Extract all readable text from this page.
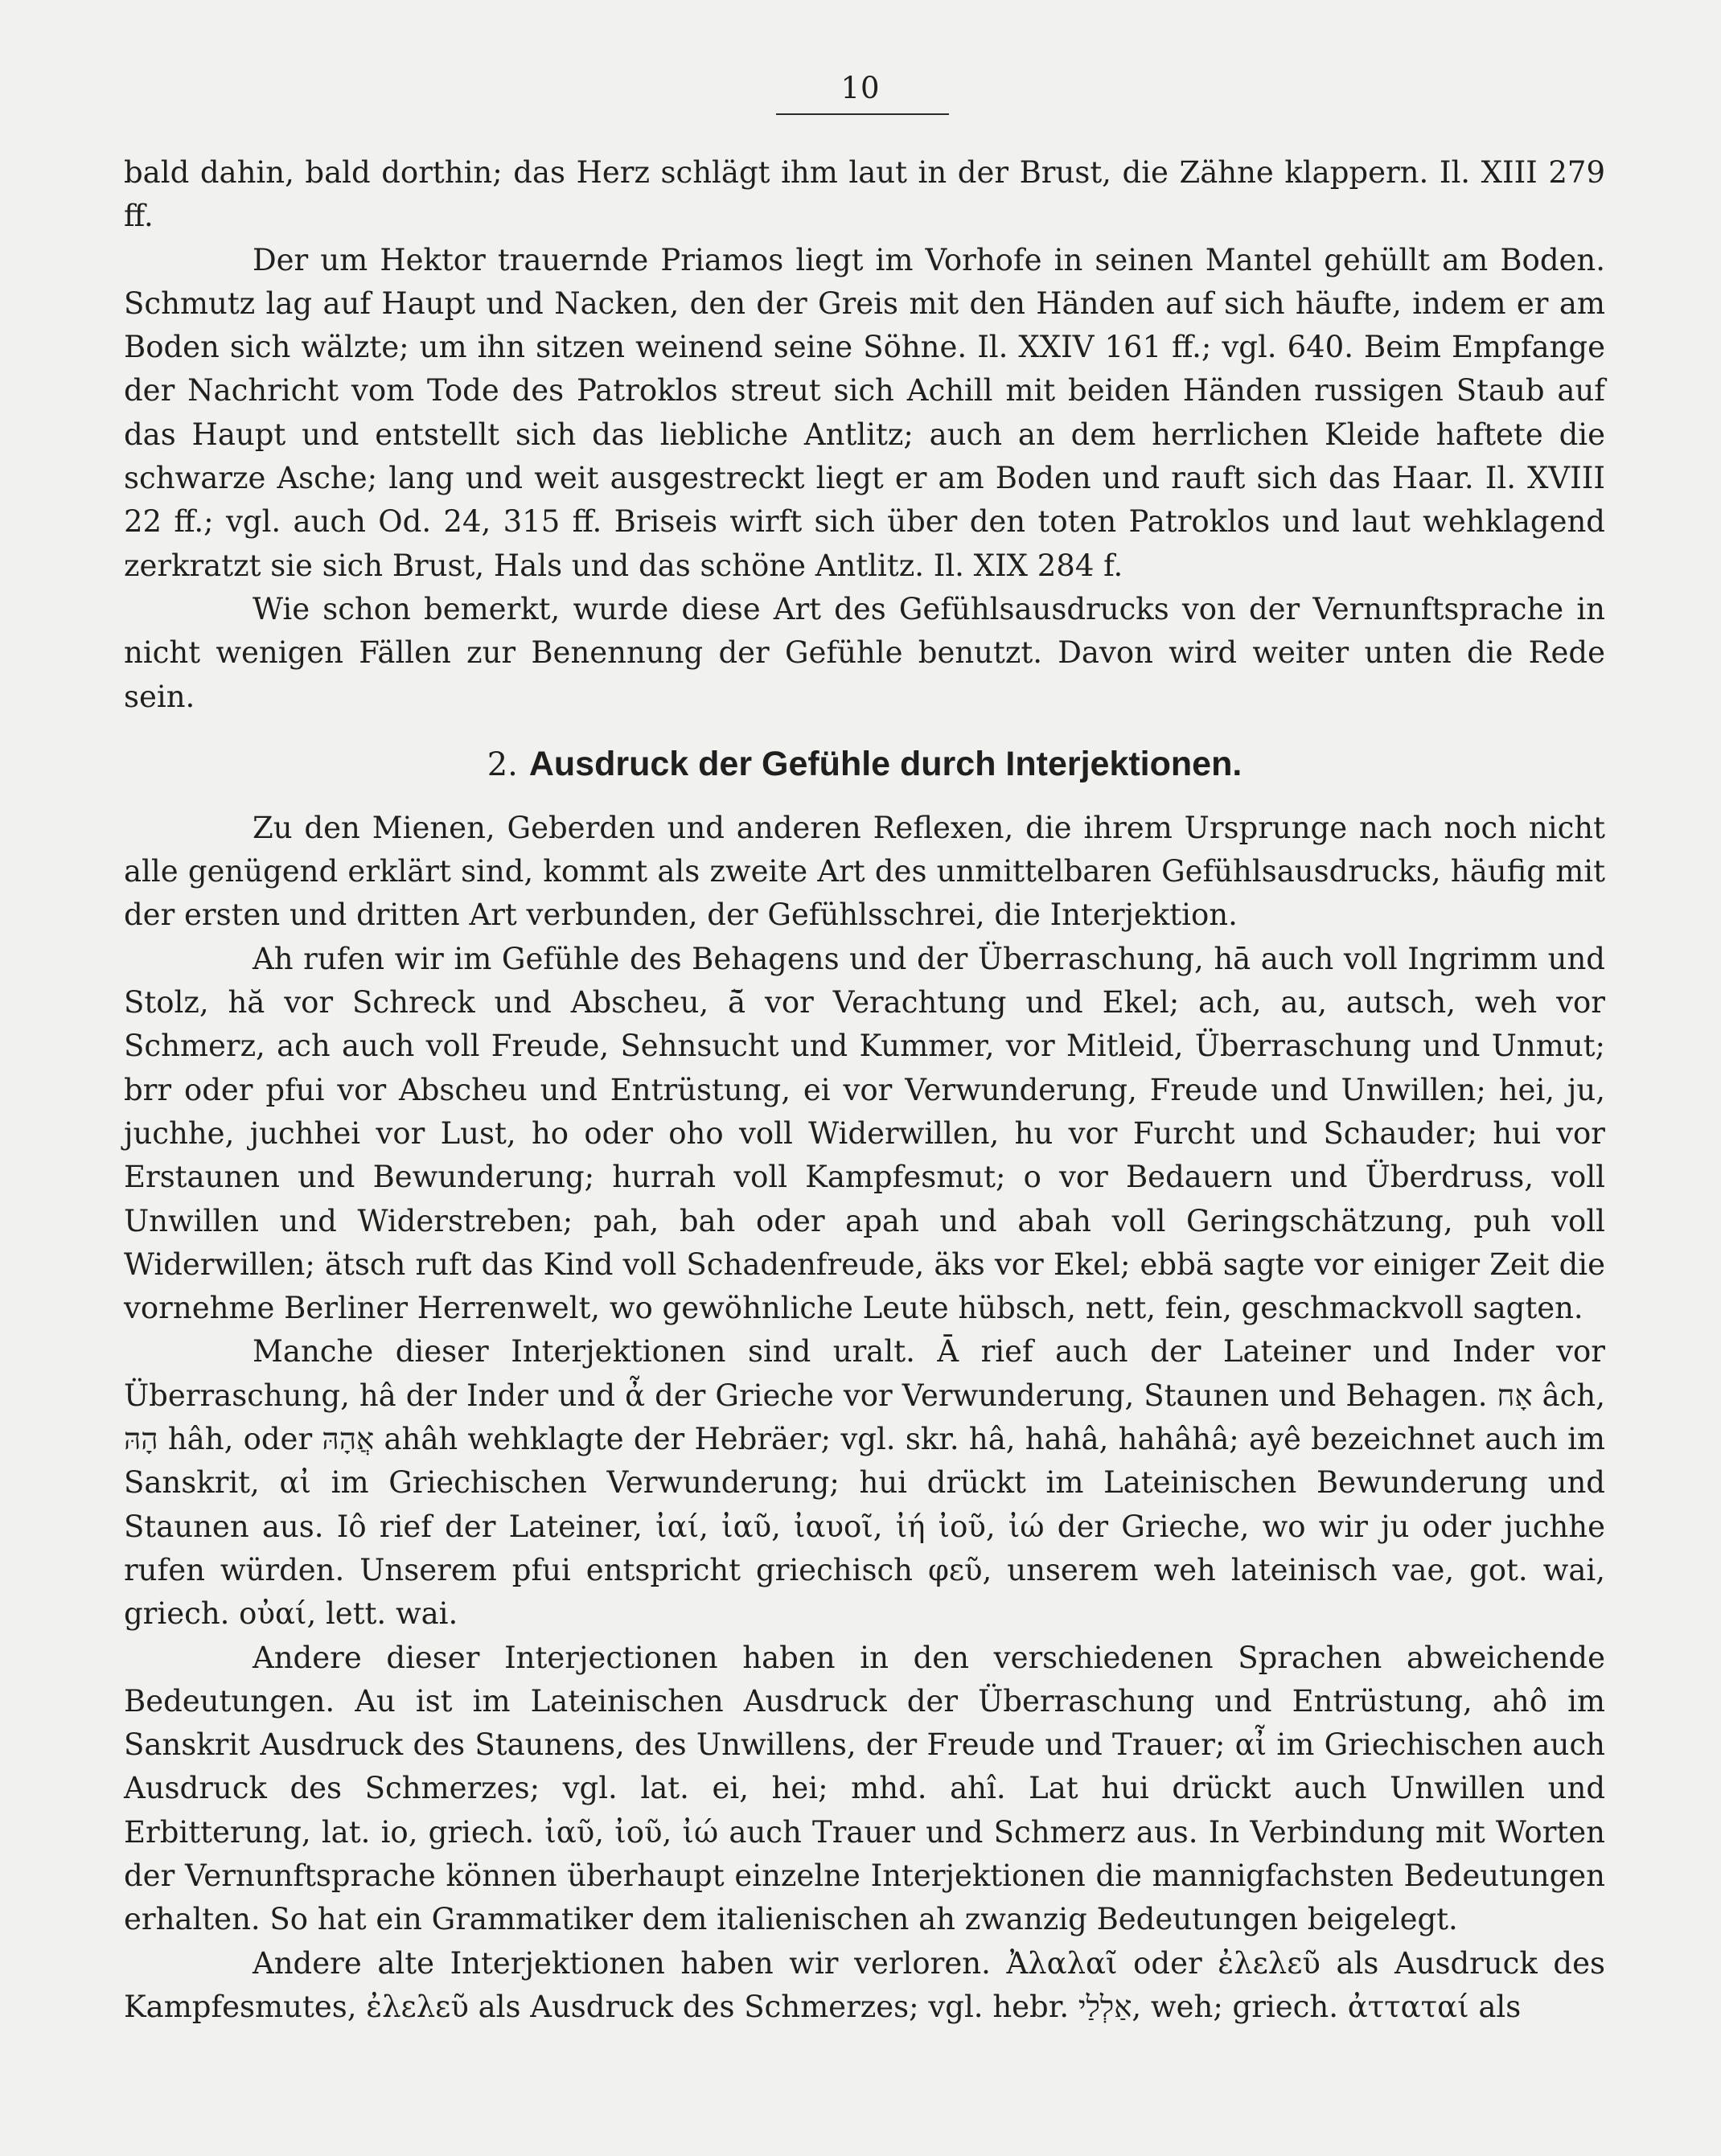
10

bald dahin, bald dorthin; das Herz schlägt ihm laut in der Brust, die Zähne klappern. Il. XIII 279 ff.

Der um Hektor trauernde Priamos liegt im Vorhofe in seinen Mantel gehüllt am Boden. Schmutz lag auf Haupt und Nacken, den der Greis mit den Händen auf sich häufte, indem er am Boden sich wälzte; um ihn sitzen weinend seine Söhne. Il. XXIV 161 ff.; vgl. 640. Beim Empfange der Nachricht vom Tode des Patroklos streut sich Achill mit beiden Händen russigen Staub auf das Haupt und entstellt sich das liebliche Antlitz; auch an dem herrlichen Kleide haftete die schwarze Asche; lang und weit ausgestreckt liegt er am Boden und rauft sich das Haar. Il. XVIII 22 ff.; vgl. auch Od. 24, 315 ff. Briseis wirft sich über den toten Patroklos und laut wehklagend zerkratzt sie sich Brust, Hals und das schöne Antlitz. Il. XIX 284 f.

Wie schon bemerkt, wurde diese Art des Gefühlsausdrucks von der Vernunftsprache in nicht wenigen Fällen zur Benennung der Gefühle benutzt. Davon wird weiter unten die Rede sein.

2. Ausdruck der Gefühle durch Interjektionen.

Zu den Mienen, Geberden und anderen Reflexen, die ihrem Ursprunge nach noch nicht alle genügend erklärt sind, kommt als zweite Art des unmittelbaren Gefühlsausdrucks, häufig mit der ersten und dritten Art verbunden, der Gefühlsschrei, die Interjektion.

Ah rufen wir im Gefühle des Behagens und der Überraschung, hā auch voll Ingrimm und Stolz, hă vor Schreck und Abscheu, ā̆ vor Verachtung und Ekel; ach, au, autsch, weh vor Schmerz, ach auch voll Freude, Sehnsucht und Kummer, vor Mitleid, Überraschung und Unmut; brr oder pfui vor Abscheu und Entrüstung, ei vor Verwunderung, Freude und Unwillen; hei, ju, juchhe, juchhei vor Lust, ho oder oho voll Widerwillen, hu vor Furcht und Schauder; hui vor Erstaunen und Bewunderung; hurrah voll Kampfesmut; o vor Bedauern und Überdruss, voll Unwillen und Widerstreben; pah, bah oder apah und abah voll Geringschätzung, puh voll Widerwillen; ätsch ruft das Kind voll Schadenfreude, äks vor Ekel; ebbä sagte vor einiger Zeit die vornehme Berliner Herrenwelt, wo gewöhnliche Leute hübsch, nett, fein, geschmackvoll sagten.

Manche dieser Interjektionen sind uralt. Ā rief auch der Lateiner und Inder vor Überraschung, hâ der Inder und ἆ der Grieche vor Verwunderung, Staunen und Behagen. אָח âch, הָהּ hâh, oder אֲהָהּ ahâh wehklagte der Hebräer; vgl. skr. hâ, hahâ, hahâhâ; ayê bezeichnet auch im Sanskrit, αἰ im Griechischen Verwunderung; hui drückt im Lateinischen Bewunderung und Staunen aus. Iô rief der Lateiner, ἰαί, ἰαῦ, ἰαυοῖ, ἰή ἰοῦ, ἰώ der Grieche, wo wir ju oder juchhe rufen würden. Unserem pfui entspricht griechisch φεῦ, unserem weh lateinisch vae, got. wai, griech. οὐαί, lett. wai.

Andere dieser Interjectionen haben in den verschiedenen Sprachen abweichende Bedeutungen. Au ist im Lateinischen Ausdruck der Überraschung und Entrüstung, ahô im Sanskrit Ausdruck des Staunens, des Unwillens, der Freude und Trauer; αἶ im Griechischen auch Ausdruck des Schmerzes; vgl. lat. ei, hei; mhd. ahî. Lat hui drückt auch Unwillen und Erbitterung, lat. io, griech. ἰαῦ, ἰοῦ, ἰώ auch Trauer und Schmerz aus. In Verbindung mit Worten der Vernunftsprache können überhaupt einzelne Interjektionen die mannigfachsten Bedeutungen erhalten. So hat ein Grammatiker dem italienischen ah zwanzig Bedeutungen beigelegt.

Andere alte Interjektionen haben wir verloren. Ἀλαλαῖ oder ἐλελεῦ als Ausdruck des Kampfesmutes, ἐλελεῦ als Ausdruck des Schmerzes; vgl. hebr. אַלְלַי, weh; griech. ἀτταταί als
